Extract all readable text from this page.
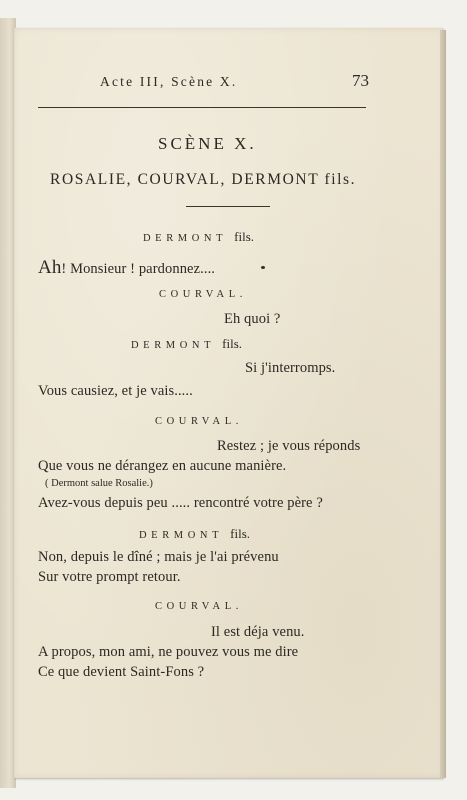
Acte III, Scène X.	73
SCÈNE X.
ROSALIE, COURVAL, DERMONT fils.
DERMONT fils.
Ah! Monsieur ! pardonnez....
COURVAL.
Eh quoi ?
DERMONT fils.
Si j'interromps.
Vous causiez, et je vais.....
COURVAL.
Restez ; je vous réponds
Que vous ne dérangez en aucune manière.
( Dermont salue Rosalie.)
Avez-vous depuis peu ..... rencontré votre père ?
DERMONT fils.
Non, depuis le dîné ; mais je l'ai prévenu
Sur votre prompt retour.
COURVAL.
Il est déja venu.
A propos, mon ami, ne pouvez vous me dire
Ce que devient Saint-Fons ?
